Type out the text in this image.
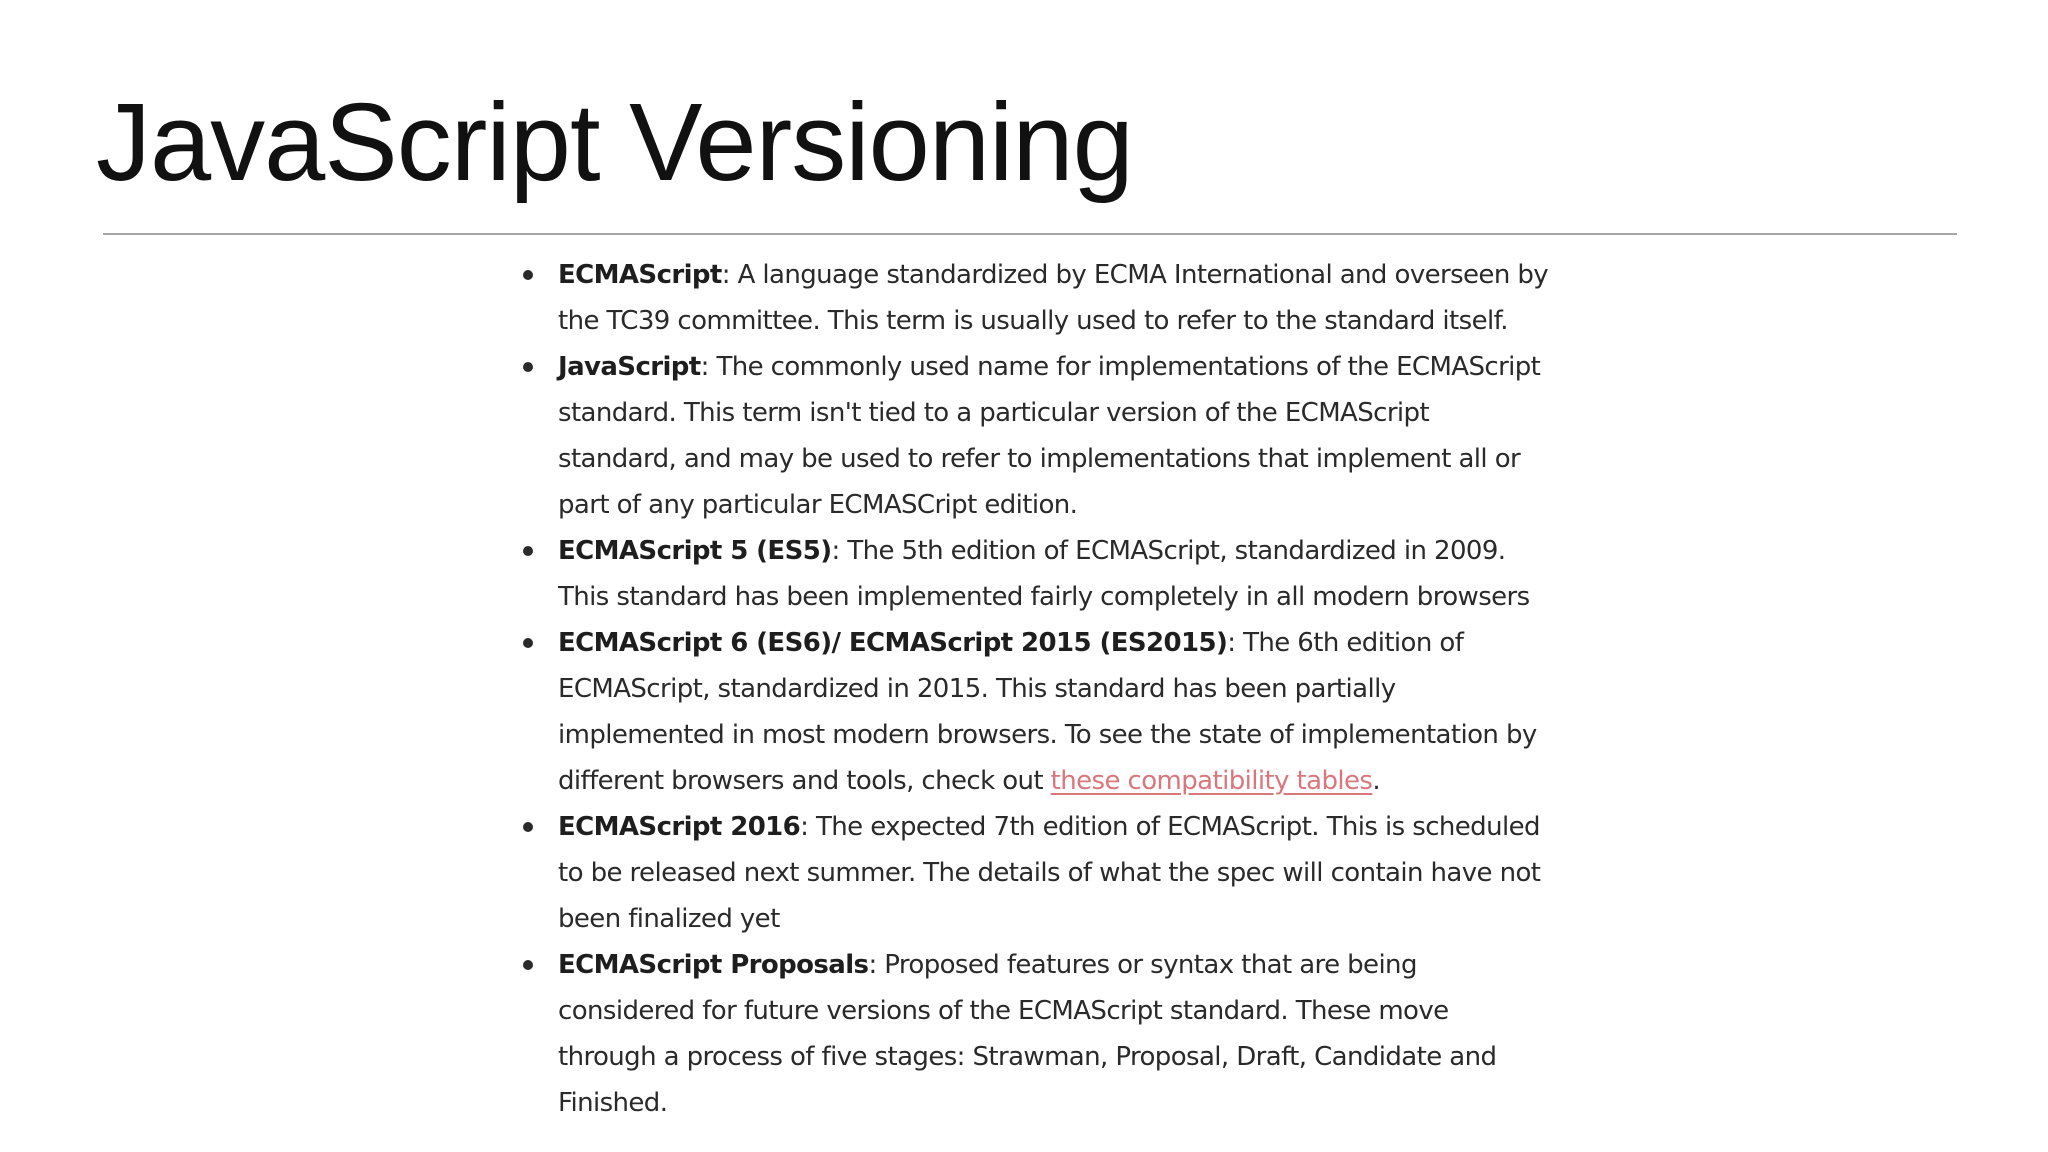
JavaScript Versioning
ECMAScript: A language standardized by ECMA International and overseen by the TC39 committee. This term is usually used to refer to the standard itself.
JavaScript: The commonly used name for implementations of the ECMAScript standard. This term isn't tied to a particular version of the ECMAScript standard, and may be used to refer to implementations that implement all or part of any particular ECMASCript edition.
ECMAScript 5 (ES5): The 5th edition of ECMAScript, standardized in 2009. This standard has been implemented fairly completely in all modern browsers
ECMAScript 6 (ES6)/ ECMAScript 2015 (ES2015): The 6th edition of ECMAScript, standardized in 2015. This standard has been partially implemented in most modern browsers. To see the state of implementation by different browsers and tools, check out these compatibility tables.
ECMAScript 2016: The expected 7th edition of ECMAScript. This is scheduled to be released next summer. The details of what the spec will contain have not been finalized yet
ECMAScript Proposals: Proposed features or syntax that are being considered for future versions of the ECMAScript standard. These move through a process of five stages: Strawman, Proposal, Draft, Candidate and Finished.
